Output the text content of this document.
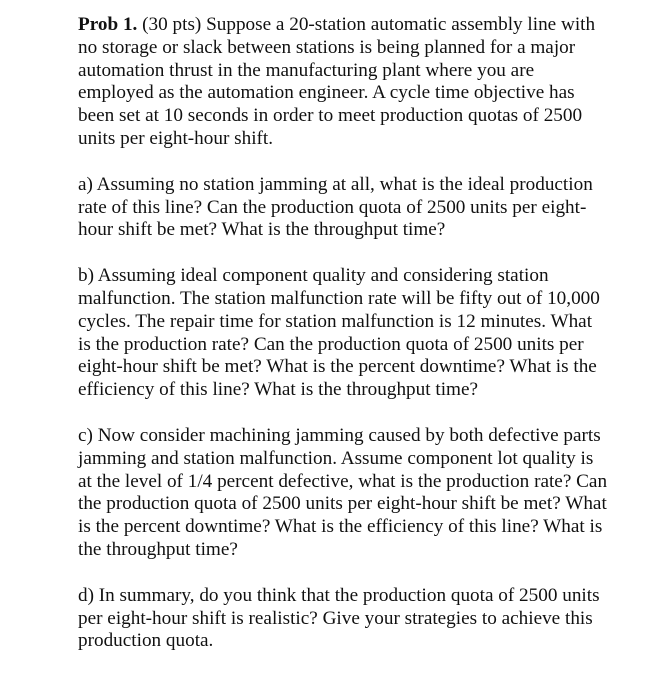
Prob 1. (30 pts) Suppose a 20-station automatic assembly line with no storage or slack between stations is being planned for a major automation thrust in the manufacturing plant where you are employed as the automation engineer. A cycle time objective has been set at 10 seconds in order to meet production quotas of 2500 units per eight-hour shift.

a) Assuming no station jamming at all, what is the ideal production rate of this line? Can the production quota of 2500 units per eight-hour shift be met? What is the throughput time?

b) Assuming ideal component quality and considering station malfunction. The station malfunction rate will be fifty out of 10,000 cycles. The repair time for station malfunction is 12 minutes. What is the production rate? Can the production quota of 2500 units per eight-hour shift be met? What is the percent downtime? What is the efficiency of this line? What is the throughput time?

c) Now consider machining jamming caused by both defective parts jamming and station malfunction. Assume component lot quality is at the level of 1/4 percent defective, what is the production rate? Can the production quota of 2500 units per eight-hour shift be met? What is the percent downtime? What is the efficiency of this line? What is the throughput time?

d) In summary, do you think that the production quota of 2500 units per eight-hour shift is realistic? Give your strategies to achieve this production quota.
